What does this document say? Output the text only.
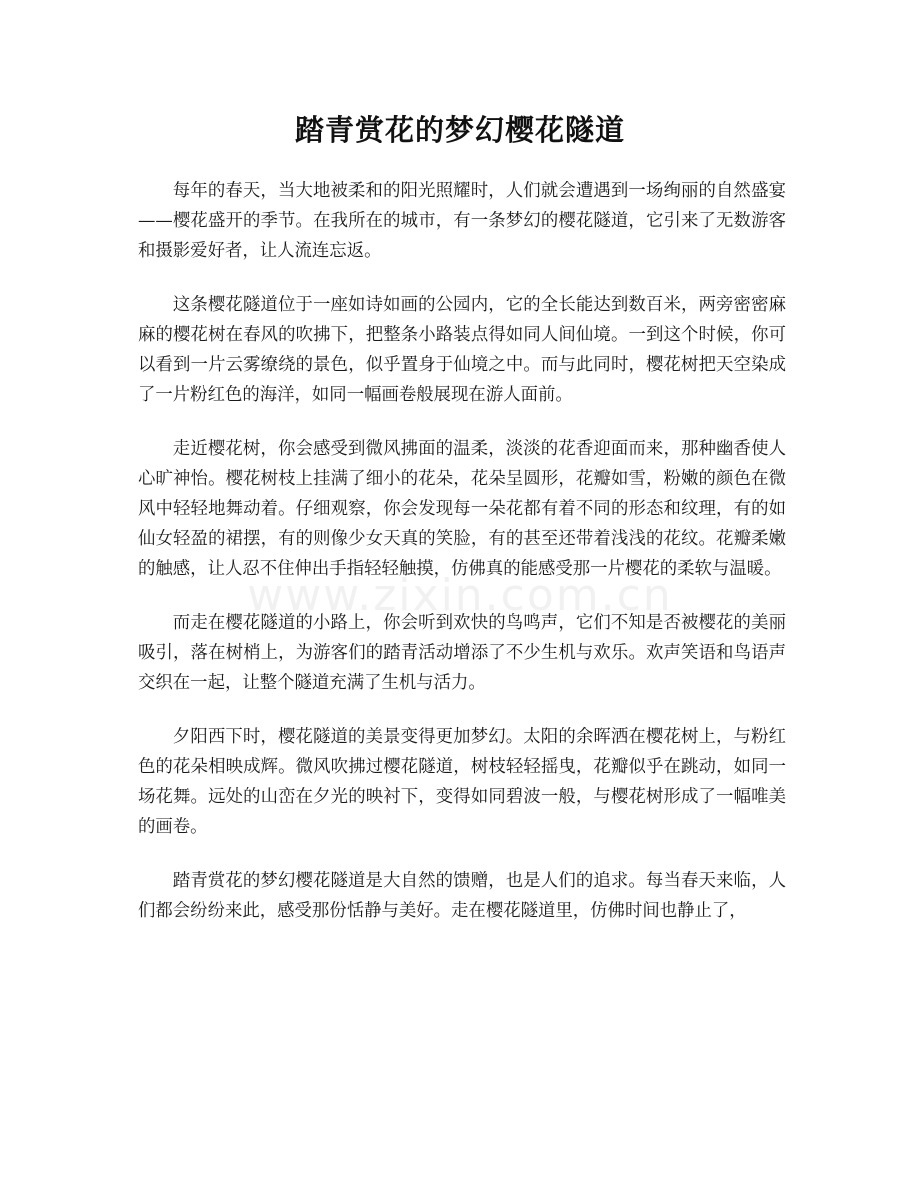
踏青赏花的梦幻樱花隧道
www.zixin.com.cn

每年的春天，当大地被柔和的阳光照耀时，人们就会遭遇到一场绚丽的自然盛宴——樱花盛开的季节。在我所在的城市，有一条梦幻的樱花隧道，它引来了无数游客和摄影爱好者，让人流连忘返。

这条樱花隧道位于一座如诗如画的公园内，它的全长能达到数百米，两旁密密麻麻的樱花树在春风的吹拂下，把整条小路装点得如同人间仙境。一到这个时候，你可以看到一片云雾缭绕的景色，似乎置身于仙境之中。而与此同时，樱花树把天空染成了一片粉红色的海洋，如同一幅画卷般展现在游人面前。

走近樱花树，你会感受到微风拂面的温柔，淡淡的花香迎面而来，那种幽香使人心旷神怡。樱花树枝上挂满了细小的花朵，花朵呈圆形，花瓣如雪，粉嫩的颜色在微风中轻轻地舞动着。仔细观察，你会发现每一朵花都有着不同的形态和纹理，有的如仙女轻盈的裙摆，有的则像少女天真的笑脸，有的甚至还带着浅浅的花纹。花瓣柔嫩的触感，让人忍不住伸出手指轻轻触摸，仿佛真的能感受那一片樱花的柔软与温暖。

而走在樱花隧道的小路上，你会听到欢快的鸟鸣声，它们不知是否被樱花的美丽吸引，落在树梢上，为游客们的踏青活动增添了不少生机与欢乐。欢声笑语和鸟语声交织在一起，让整个隧道充满了生机与活力。

夕阳西下时，樱花隧道的美景变得更加梦幻。太阳的余晖洒在樱花树上，与粉红色的花朵相映成辉。微风吹拂过樱花隧道，树枝轻轻摇曳，花瓣似乎在跳动，如同一场花舞。远处的山峦在夕光的映衬下，变得如同碧波一般，与樱花树形成了一幅唯美的画卷。

踏青赏花的梦幻樱花隧道是大自然的馈赠，也是人们的追求。每当春天来临，人们都会纷纷来此，感受那份恬静与美好。走在樱花隧道里，仿佛时间也静止了，
